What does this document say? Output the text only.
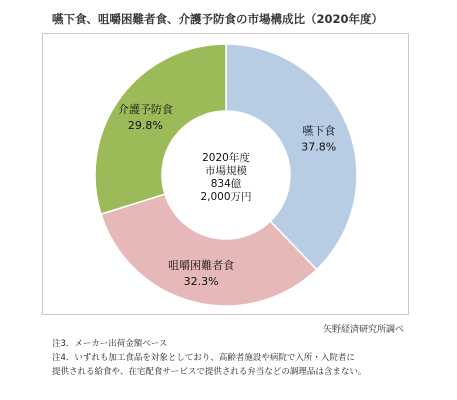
嚥下食、咀嚼困難者食、介護予防食の市場構成比（2020年度）
嚥下食
37.8%
咀嚼困難者食
32.3%
介護予防食
29.8%
2020年度
市場規模
834億
2,000万円
矢野経済研究所調べ
注3．メーカー出荷金額ベース
注4．いずれも加工食品を対象としており、高齢者施設や病院で入所・入院者に
提供される給食や、在宅配食サービスで提供される弁当などの調理品は含まない。
